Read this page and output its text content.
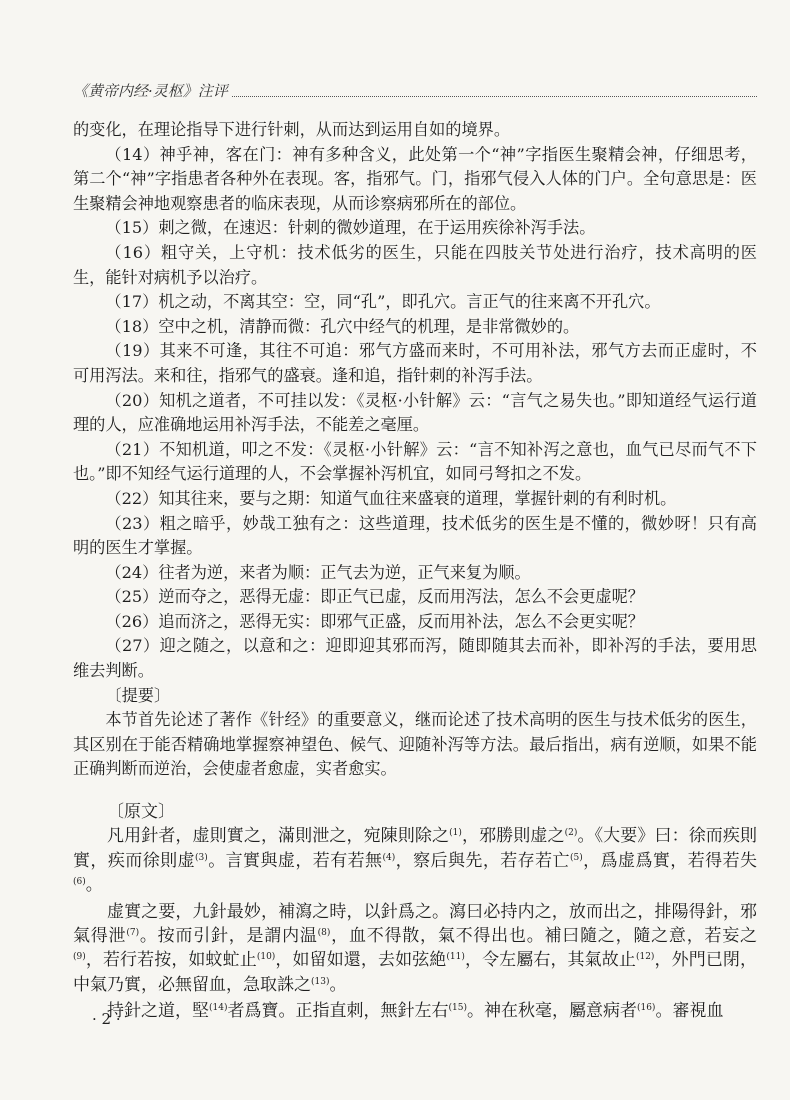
《黄帝内经·灵枢》注评

的变化，在理论指导下进行针刺，从而达到运用自如的境界。

（14）神乎神，客在门：神有多种含义，此处第一个“神”字指医生聚精会神，仔细思考，第二个“神”字指患者各种外在表现。客，指邪气。门，指邪气侵入人体的门户。全句意思是：医生聚精会神地观察患者的临床表现，从而诊察病邪所在的部位。

（15）刺之微，在速迟：针刺的微妙道理，在于运用疾徐补泻手法。

（16）粗守关，上守机：技术低劣的医生，只能在四肢关节处进行治疗，技术高明的医生，能针对病机予以治疗。

（17）机之动，不离其空：空，同“孔”，即孔穴。言正气的往来离不开孔穴。

（18）空中之机，清静而微：孔穴中经气的机理，是非常微妙的。

（19）其来不可逢，其往不可追：邪气方盛而来时，不可用补法，邪气方去而正虚时，不可用泻法。来和往，指邪气的盛衰。逢和追，指针刺的补泻手法。

（20）知机之道者，不可挂以发：《灵枢·小针解》云：“言气之易失也。”即知道经气运行道理的人，应准确地运用补泻手法，不能差之毫厘。

（21）不知机道，叩之不发：《灵枢·小针解》云：“言不知补泻之意也，血气已尽而气不下也。”即不知经气运行道理的人，不会掌握补泻机宜，如同弓弩扣之不发。

（22）知其往来，要与之期：知道气血往来盛衰的道理，掌握针刺的有利时机。

（23）粗之暗乎，妙哉工独有之：这些道理，技术低劣的医生是不懂的，微妙呀！只有高明的医生才掌握。

（24）往者为逆，来者为顺：正气去为逆，正气来复为顺。

（25）逆而夺之，恶得无虚：即正气已虚，反而用泻法，怎么不会更虚呢？

（26）追而济之，恶得无实：即邪气正盛，反而用补法，怎么不会更实呢？

（27）迎之随之，以意和之：迎即迎其邪而泻，随即随其去而补，即补泻的手法，要用思维去判断。

〔提要〕

本节首先论述了著作《针经》的重要意义，继而论述了技术高明的医生与技术低劣的医生，其区别在于能否精确地掌握察神望色、候气、迎随补泻等方法。最后指出，病有逆顺，如果不能正确判断而逆治，会使虚者愈虚，实者愈实。

〔原文〕

凡用針者，虚則實之，滿則泄之，宛陳則除之$^{(1)}$，邪勝則虚之$^{(2)}$。《大要》曰：徐而疾則實，疾而徐則虚$^{(3)}$。言實與虚，若有若無$^{(4)}$，察后與先，若存若亡$^{(5)}$，爲虚爲實，若得若失$^{(6)}$。

虚實之要，九針最妙，補瀉之時，以針爲之。瀉曰必持内之，放而出之，排陽得針，邪氣得泄$^{(7)}$。按而引針，是謂内温$^{(8)}$，血不得散，氣不得出也。補曰隨之，隨之意，若妄之$^{(9)}$，若行若按，如蚊虻止$^{(10)}$，如留如還，去如弦絶$^{(11)}$，令左屬右，其氣故止$^{(12)}$，外門已閉，中氣乃實，必無留血，急取誅之$^{(13)}$。

持針之道，堅$^{(14)}$者爲寶。正指直刺，無針左右$^{(15)}$。神在秋毫，屬意病者$^{(16)}$。審視血

· 2 ·
